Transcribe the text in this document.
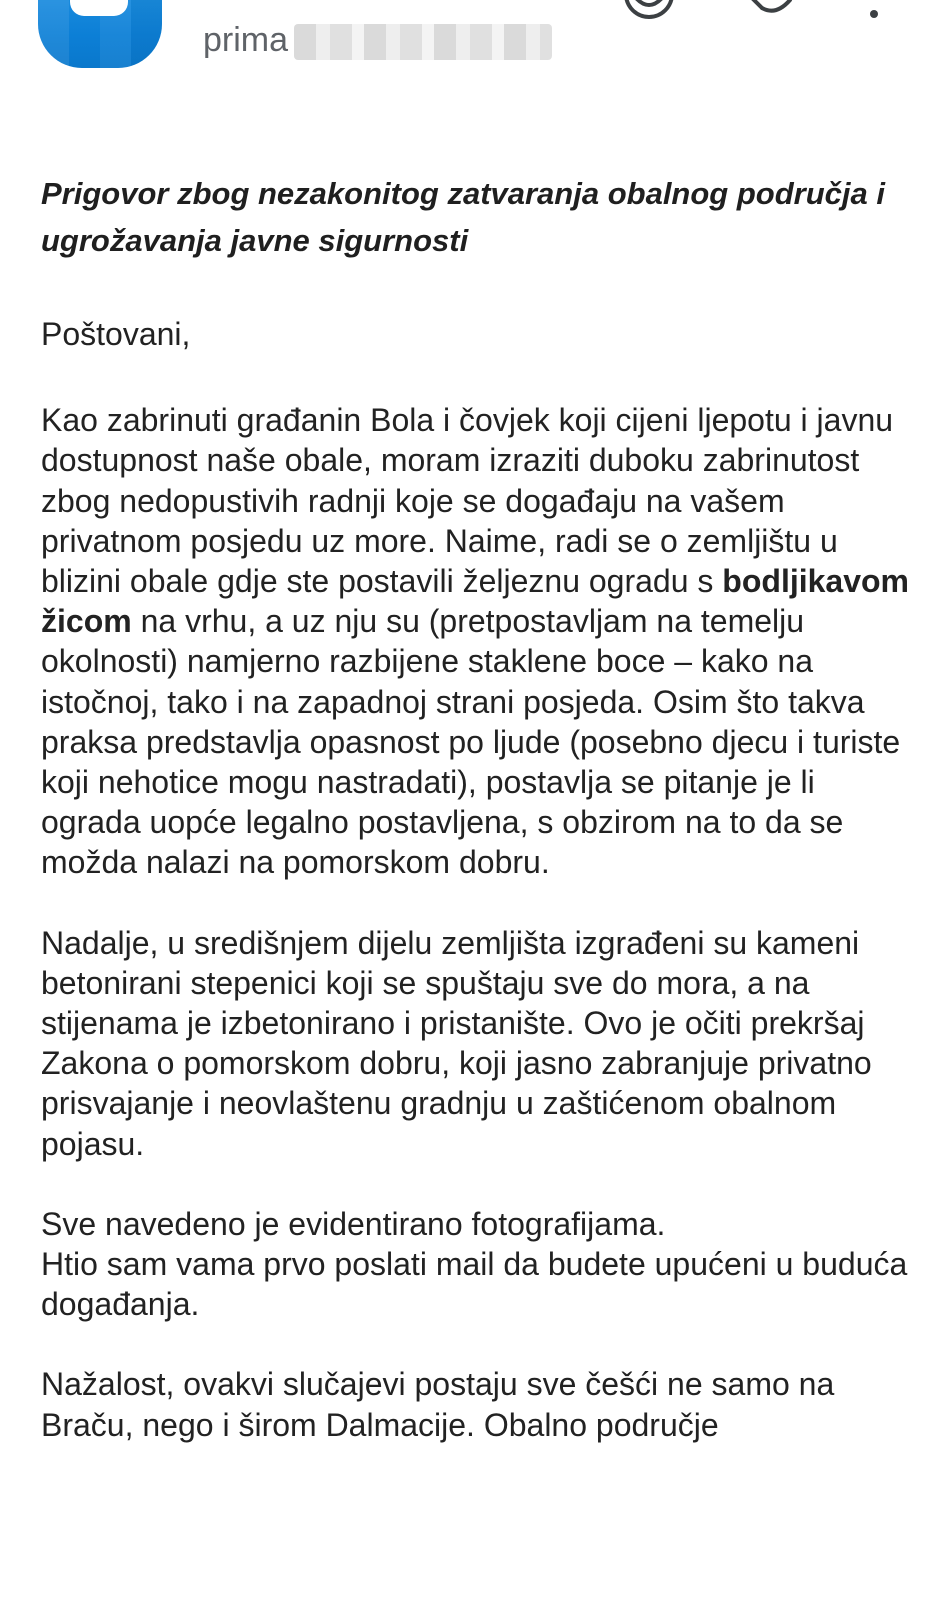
prima
Prigovor zbog nezakonitog zatvaranja obalnog područja i ugrožavanja javne sigurnosti

Poštovani,

Kao zabrinuti građanin Bola i čovjek koji cijeni ljepotu i javnu dostupnost naše obale, moram izraziti duboku zabrinutost zbog nedopustivih radnji koje se događaju na vašem privatnom posjedu uz more. Naime, radi se o zemljištu u blizini obale gdje ste postavili željeznu ogradu s bodljikavom žicom na vrhu, a uz nju su (pretpostavljam na temelju okolnosti) namjerno razbijene staklene boce – kako na istočnoj, tako i na zapadnoj strani posjeda. Osim što takva praksa predstavlja opasnost po ljude (posebno djecu i turiste koji nehotice mogu nastradati), postavlja se pitanje je li ograda uopće legalno postavljena, s obzirom na to da se možda nalazi na pomorskom dobru.

Nadalje, u središnjem dijelu zemljišta izgrađeni su kameni betonirani stepenici koji se spuštaju sve do mora, a na stijenama je izbetonirano i pristanište. Ovo je očiti prekršaj Zakona o pomorskom dobru, koji jasno zabranjuje privatno prisvajanje i neovlaštenu gradnju u zaštićenom obalnom pojasu.

Sve navedeno je evidentirano fotografijama.
Htio sam vama prvo poslati mail da budete upućeni u buduća događanja.

Nažalost, ovakvi slučajevi postaju sve češći ne samo na Braču, nego i širom Dalmacije. Obalno područje
